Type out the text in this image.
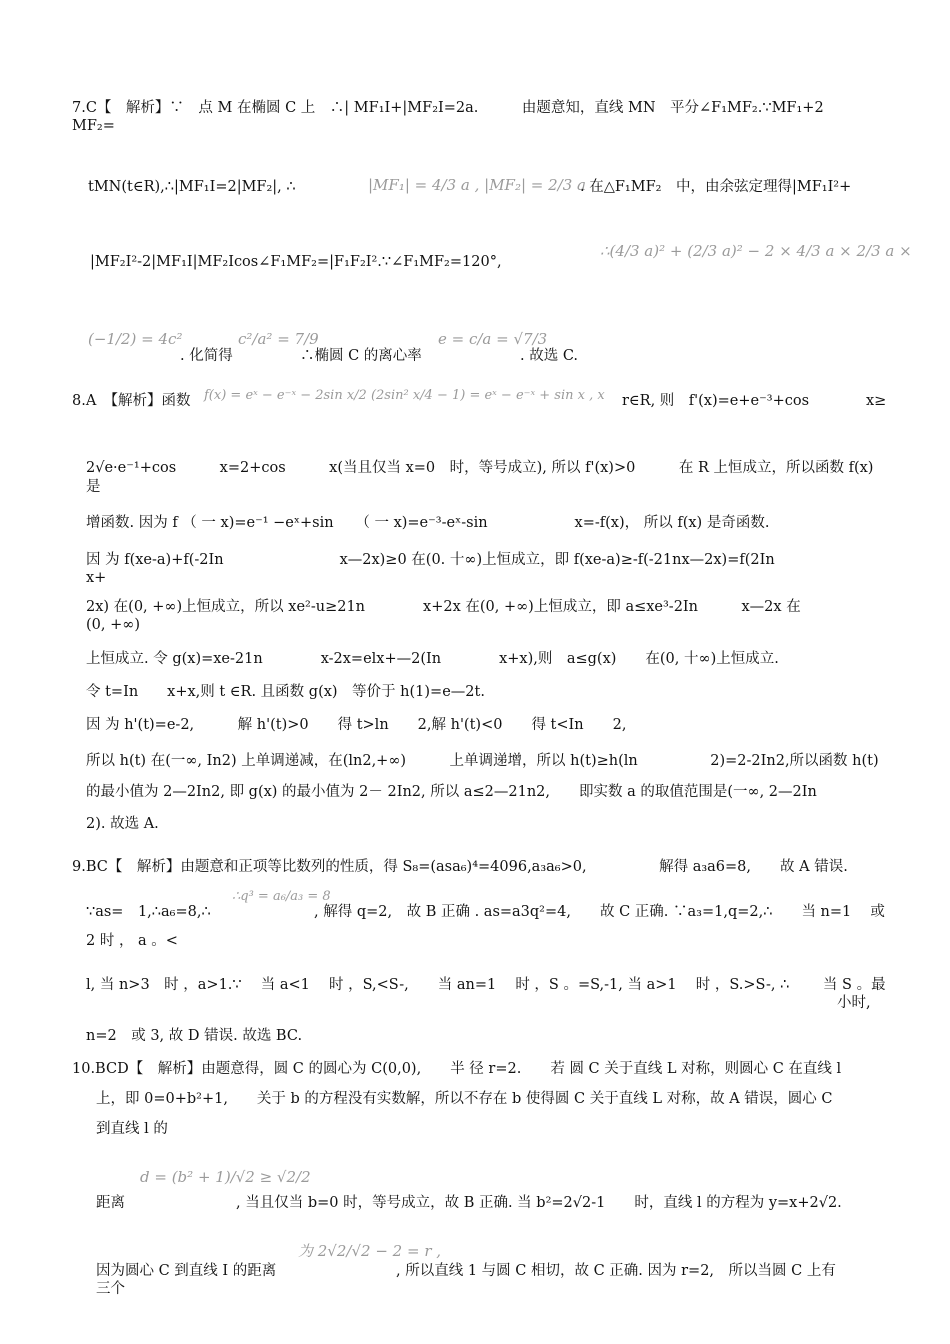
7.C【　解析】∵　点 M 在椭圆 C 上　∴| MF₁I+|MF₂I=2a.　　　由题意知，直线 MN　平分∠F₁MF₂.∵MF₁+2
MF₂=
tMN(t∈R),∴|MF₁I=2|MF₂|, ∴	|MF₁| = 4/3 a , |MF₂| = 2/3 a
. 在△F₁MF₂　中，由余弦定理得|MF₁I²+
|MF₂I²-2|MF₁I|MF₂Icos∠F₁MF₂=|F₁F₂I².∵∠F₁MF₂=120°,
∴(4/3 a)² + (2/3 a)² − 2 × 4/3 a × 2/3 a ×
(−1/2) = 4c²
. 化简得
c²/a² = 7/9
∴椭圆 C 的离心率
e = c/a = √7/3
. 故选 C.
8.A　【解析】函数 f(x) = eˣ − e⁻ˣ − 2sin x/2 (2sin² x/4 − 1) = eˣ − e⁻ˣ + sin x , x r∈R, 则　f'(x)=e+e⁻³+cos	x≥
2√e·e⁻¹+cos　　　x=2+cos　　　x(当且仅当 x=0　时，等号成立), 所以 f'(x)>0　　　在 R 上恒成立，所以函数 f(x)
是
增函数. 因为 f （ 一 x)=e⁻¹ −eˣ+sin　　（ 一 x)=e⁻³-eˣ-sin　　　　　　x=-f(x)， 所以 f(x) 是奇函数.
因 为 f(xe-a)+f(-2In　　　　　　　　x—2x)≥0 在(0. 十∞)上恒成立，即 f(xe-a)≥-f(-21nx—2x)=f(2In
x+
2x) 在(0, +∞)上恒成立，所以 xe²-u≥21n　　　　x+2x 在(0, +∞)上恒成立，即 a≤xe³-2In　　　x—2x 在
(0, +∞)
上恒成立. 令 g(x)=xe-21n　　　　x-2x=elx+—2(In　　　　x+x),则　a≤g(x)　　在(0, 十∞)上恒成立.
令 t=In　　x+x,则 t ∈R. 且函数 g(x)　等价于 h(1)=e—2t.
因 为 h'(t)=e-2,　　　解 h'(t)>0　　得 t>ln　　2,解 h'(t)<0　　得 t<In　　2,
所以 h(t) 在(一∞, In2) 上单调递减，在(ln2,+∞)　　　上单调递增，所以 h(t)≥h(ln　　　　　2)=2-2In2,所以函数 h(t)
的最小值为 2—2In2, 即 g(x) 的最小值为 2－ 2In2, 所以 a≤2—21n2,　　即实数 a 的取值范围是(一∞, 2—2In
2). 故选 A.
9.BC【　解析】由题意和正项等比数列的性质，得 S₈=(asa₆)⁴=4096,a₃a₆>0,　　　　　解得 a₃a6=8,　　故 A 错误.
∵as=　1,∴a₆=8,∴
∴q³ = a₆/a₃ = 8
, 解得 q=2,　故 B 正确 . as=a3q²=4,　　故 C 正确. ∵a₃=1,q=2,∴　　当 n=1　 或
2 时 ， a 。<
l, 当 n>3　时 ，a>1.∵　 当 a<1　 时 ，S,<S-,　　当 an=1　 时 ，S 。=S,-1, 当 a>1　 时 ，S.>S-, ∴　　 当 S 。最
小时,
n=2　或 3, 故 D 错误. 故选 BC.
10.BCD【　解析】由题意得，圆 C 的圆心为 C(0,0),　　半 径 r=2.　　若 圆 C 关于直线 L 对称，则圆心 C 在直线 l
上，即 0=0+b²+1,　　关于 b 的方程没有实数解，所以不存在 b 使得圆 C 关于直线 L 对称，故 A 错误，圆心 C
到直线 l 的
距离
d = (b² + 1)/√2 ≥ √2/2
, 当且仅当 b=0 时，等号成立，故 B 正确. 当 b²=2√2-1　　时，直线 l 的方程为 y=x+2√2.
因为圆心 C 到直线 I 的距离
为 2√2/√2 − 2 = r ,
, 所以直线 1 与圆 C 相切，故 C 正确. 因为 r=2,　所以当圆 C 上有
三个
